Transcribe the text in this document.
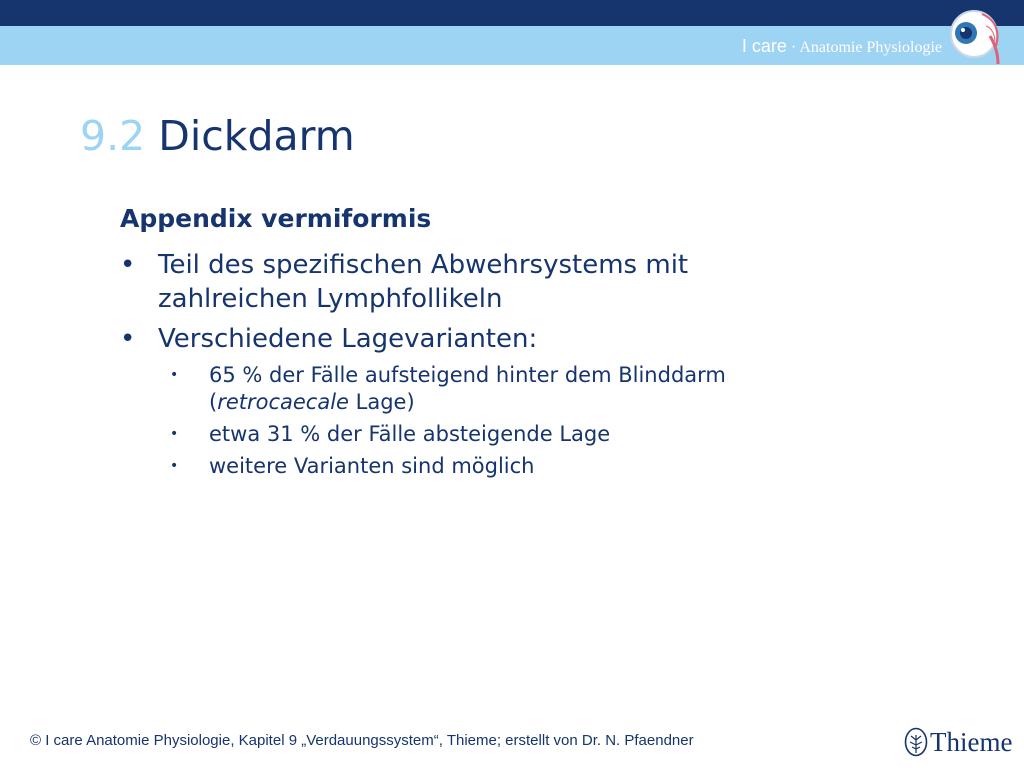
I care · Anatomie Physiologie
9.2 Dickdarm
Appendix vermiformis
• Teil des spezifischen Abwehrsystems mit zahlreichen Lymphfollikeln
• Verschiedene Lagevarianten:
• 65 % der Fälle aufsteigend hinter dem Blinddarm (retrocaecale Lage)
• etwa 31 % der Fälle absteigende Lage
• weitere Varianten sind möglich
© I care Anatomie Physiologie, Kapitel 9 „Verdauungssystem“, Thieme; erstellt von Dr. N. Pfaendner	Thieme
